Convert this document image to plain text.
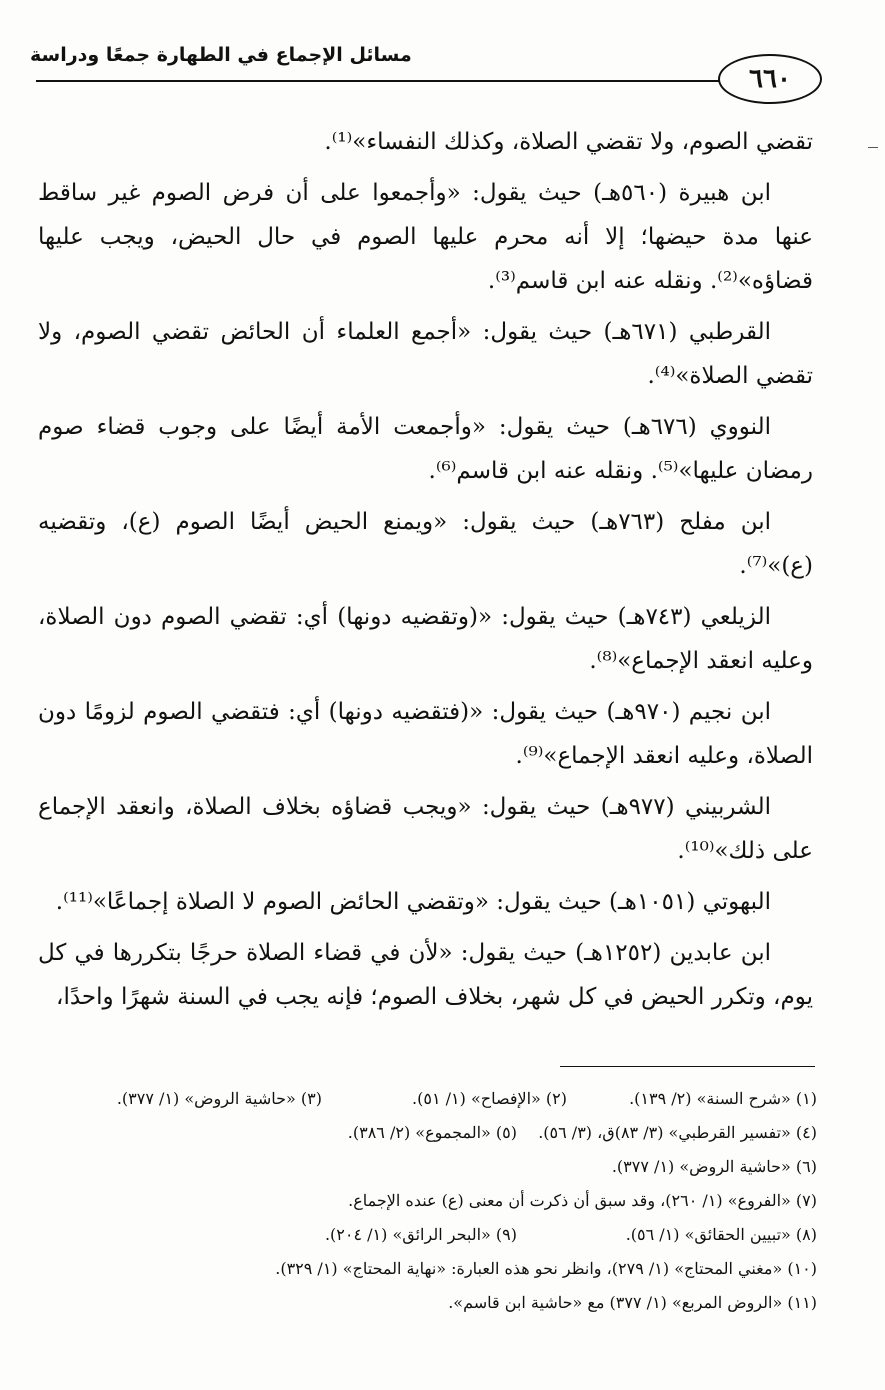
مسائل الإجماع في الطهارة جمعًا ودراسة
٦٦٠

تقضي الصوم، ولا تقضي الصلاة، وكذلك النفساء»⁽¹⁾.

ابن هبيرة (٥٦٠هـ) حيث يقول: «وأجمعوا على أن فرض الصوم غير ساقط عنها مدة حيضها؛ إلا أنه محرم عليها الصوم في حال الحيض، ويجب عليها قضاؤه»⁽²⁾. ونقله عنه ابن قاسم⁽³⁾.

القرطبي (٦٧١هـ) حيث يقول: «أجمع العلماء أن الحائض تقضي الصوم، ولا تقضي الصلاة»⁽⁴⁾.

النووي (٦٧٦هـ) حيث يقول: «وأجمعت الأمة أيضًا على وجوب قضاء صوم رمضان عليها»⁽⁵⁾. ونقله عنه ابن قاسم⁽⁶⁾.

ابن مفلح (٧٦٣هـ) حيث يقول: «ويمنع الحيض أيضًا الصوم (ع)، وتقضيه (ع)»⁽⁷⁾.

الزيلعي (٧٤٣هـ) حيث يقول: «(وتقضيه دونها) أي: تقضي الصوم دون الصلاة، وعليه انعقد الإجماع»⁽⁸⁾.

ابن نجيم (٩٧٠هـ) حيث يقول: «(فتقضيه دونها) أي: فتقضي الصوم لزومًا دون الصلاة، وعليه انعقد الإجماع»⁽⁹⁾.

الشربيني (٩٧٧هـ) حيث يقول: «ويجب قضاؤه بخلاف الصلاة، وانعقد الإجماع على ذلك»⁽¹⁰⁾.

البهوتي (١٠٥١هـ) حيث يقول: «وتقضي الحائض الصوم لا الصلاة إجماعًا»⁽¹¹⁾.

ابن عابدين (١٢٥٢هـ) حيث يقول: «لأن في قضاء الصلاة حرجًا بتكررها في كل يوم، وتكرر الحيض في كل شهر، بخلاف الصوم؛ فإنه يجب في السنة شهرًا واحدًا،

(١) «شرح السنة» (٢/ ١٣٩).
(٢) «الإفصاح» (١/ ٥١).
(٣) «حاشية الروض» (١/ ٣٧٧).
(٤) «تفسير القرطبي» (٣/ ٨٣)ق، (٣/ ٥٦).
(٥) «المجموع» (٢/ ٣٨٦).
(٦) «حاشية الروض» (١/ ٣٧٧).
(٧) «الفروع» (١/ ٢٦٠)، وقد سبق أن ذكرت أن معنى (ع) عنده الإجماع.
(٨) «تبيين الحقائق» (١/ ٥٦).
(٩) «البحر الرائق» (١/ ٢٠٤).
(١٠) «مغني المحتاج» (١/ ٢٧٩)، وانظر نحو هذه العبارة: «نهاية المحتاج» (١/ ٣٢٩).
(١١) «الروض المربع» (١/ ٣٧٧) مع «حاشية ابن قاسم».
